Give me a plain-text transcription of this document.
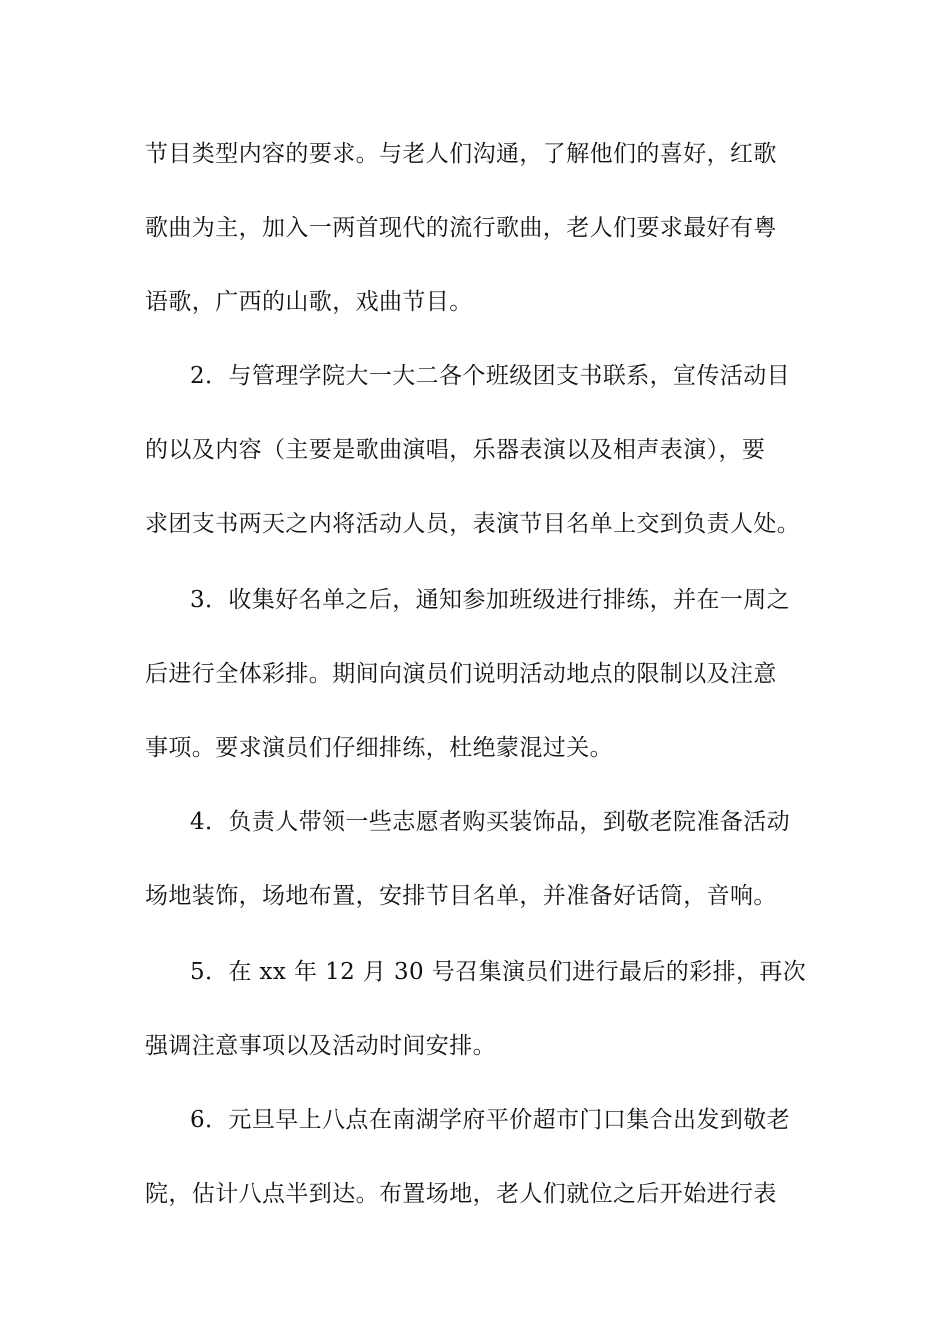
节目类型内容的要求。与老人们沟通，了解他们的喜好，红歌
歌曲为主，加入一两首现代的流行歌曲，老人们要求最好有粤
语歌，广西的山歌，戏曲节目。
2．与管理学院大一大二各个班级团支书联系，宣传活动目
的以及内容（主要是歌曲演唱，乐器表演以及相声表演），要
求团支书两天之内将活动人员，表演节目名单上交到负责人处。
3．收集好名单之后，通知参加班级进行排练，并在一周之
后进行全体彩排。期间向演员们说明活动地点的限制以及注意
事项。要求演员们仔细排练，杜绝蒙混过关。
4．负责人带领一些志愿者购买装饰品，到敬老院准备活动
场地装饰，场地布置，安排节目名单，并准备好话筒，音响。
5．在 xx 年 12 月 30 号召集演员们进行最后的彩排，再次
强调注意事项以及活动时间安排。
6．元旦早上八点在南湖学府平价超市门口集合出发到敬老
院，估计八点半到达。布置场地，老人们就位之后开始进行表
